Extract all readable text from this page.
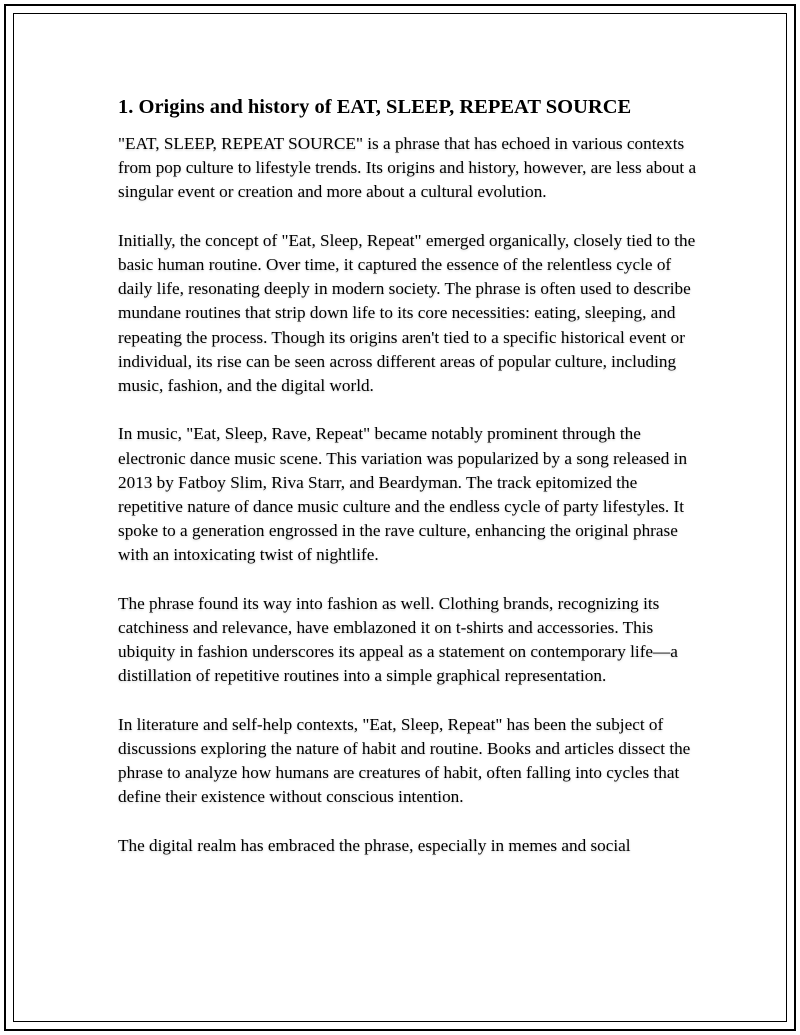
1. Origins and history of EAT, SLEEP, REPEAT SOURCE

"EAT, SLEEP, REPEAT SOURCE" is a phrase that has echoed in various contexts from pop culture to lifestyle trends. Its origins and history, however, are less about a singular event or creation and more about a cultural evolution.

Initially, the concept of "Eat, Sleep, Repeat" emerged organically, closely tied to the basic human routine. Over time, it captured the essence of the relentless cycle of daily life, resonating deeply in modern society. The phrase is often used to describe mundane routines that strip down life to its core necessities: eating, sleeping, and repeating the process. Though its origins aren't tied to a specific historical event or individual, its rise can be seen across different areas of popular culture, including music, fashion, and the digital world.

In music, "Eat, Sleep, Rave, Repeat" became notably prominent through the electronic dance music scene. This variation was popularized by a song released in 2013 by Fatboy Slim, Riva Starr, and Beardyman. The track epitomized the repetitive nature of dance music culture and the endless cycle of party lifestyles. It spoke to a generation engrossed in the rave culture, enhancing the original phrase with an intoxicating twist of nightlife.

The phrase found its way into fashion as well. Clothing brands, recognizing its catchiness and relevance, have emblazoned it on t-shirts and accessories. This ubiquity in fashion underscores its appeal as a statement on contemporary life—a distillation of repetitive routines into a simple graphical representation.

In literature and self-help contexts, "Eat, Sleep, Repeat" has been the subject of discussions exploring the nature of habit and routine. Books and articles dissect the phrase to analyze how humans are creatures of habit, often falling into cycles that define their existence without conscious intention.

The digital realm has embraced the phrase, especially in memes and social
